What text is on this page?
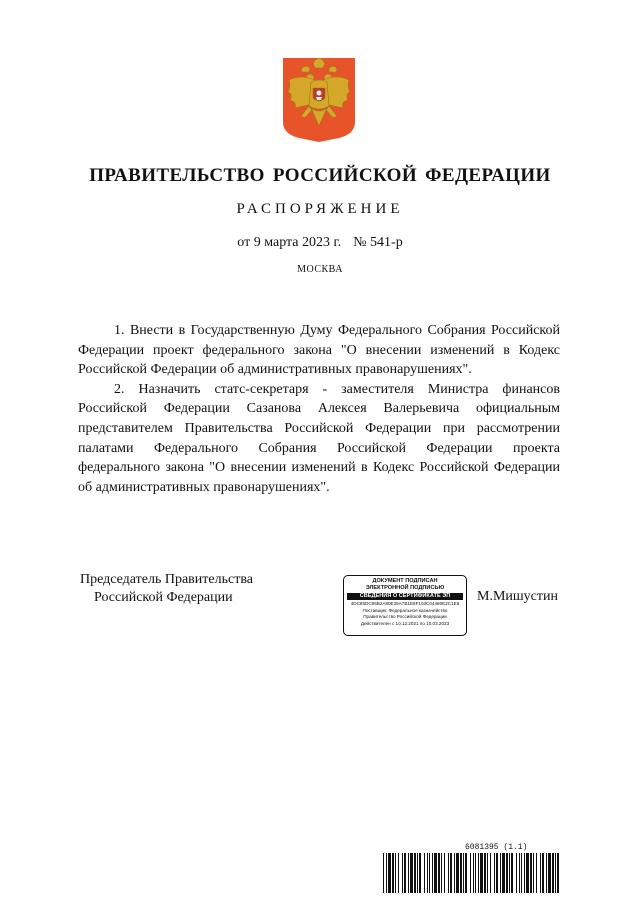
ПРАВИТЕЛЬСТВО РОССИЙСКОЙ ФЕДЕРАЦИИ
РАСПОРЯЖЕНИЕ
от 9 марта 2023 г. № 541-р
МОСКВА

1. Внести в Государственную Думу Федерального Собрания Российской Федерации проект федерального закона "О внесении изменений в Кодекс Российской Федерации об административных правонарушениях".

2. Назначить статс-секретаря - заместителя Министра финансов Российской Федерации Сазанова Алексея Валерьевича официальным представителем Правительства Российской Федерации при рассмотрении палатами Федерального Собрания Российской Федерации проекта федерального закона "О внесении изменений в Кодекс Российской Федерации об административных правонарушениях".

Председатель Правительства
Российской Федерации
ДОКУМЕНТ ПОДПИСАН
ЭЛЕКТРОННОЙ ПОДПИСЬЮ
СВЕДЕНИЯ О СЕРТИФИКАТЕ ЭП
4DC85DC95B2A80E39A7B1E8F103C04480E2C1E8
Поставщик: Федеральное казначейство
Правительство Российской Федерации
Действителен с 10.12.2021 по 10.03.2023
М.Мишустин
6081395 (1.1)
